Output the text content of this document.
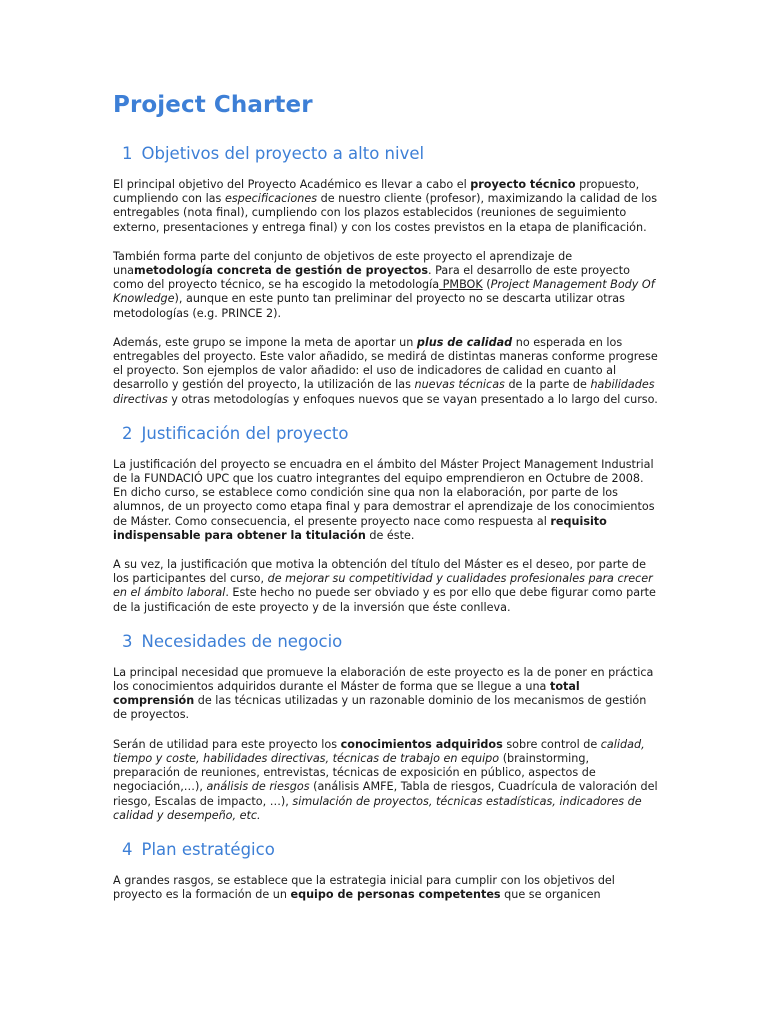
Project Charter
1 Objetivos del proyecto a alto nivel

El principal objetivo del Proyecto Académico es llevar a cabo el proyecto técnico propuesto, cumpliendo con las especificaciones de nuestro cliente (profesor), maximizando la calidad de los entregables (nota final), cumpliendo con los plazos establecidos (reuniones de seguimiento externo, presentaciones y entrega final) y con los costes previstos en la etapa de planificación.

También forma parte del conjunto de objetivos de este proyecto el aprendizaje de unametodología concreta de gestión de proyectos. Para el desarrollo de este proyecto como del proyecto técnico, se ha escogido la metodología PMBOK (Project Management Body Of Knowledge), aunque en este punto tan preliminar del proyecto no se descarta utilizar otras metodologías (e.g. PRINCE 2).

Además, este grupo se impone la meta de aportar un plus de calidad no esperada en los entregables del proyecto. Este valor añadido, se medirá de distintas maneras conforme progrese el proyecto. Son ejemplos de valor añadido: el uso de indicadores de calidad en cuanto al desarrollo y gestión del proyecto, la utilización de las nuevas técnicas de la parte de habilidades directivas y otras metodologías y enfoques nuevos que se vayan presentado a lo largo del curso.

2 Justificación del proyecto

La justificación del proyecto se encuadra en el ámbito del Máster Project Management Industrial de la FUNDACIÓ UPC que los cuatro integrantes del equipo emprendieron en Octubre de 2008. En dicho curso, se establece como condición sine qua non la elaboración, por parte de los alumnos, de un proyecto como etapa final y para demostrar el aprendizaje de los conocimientos de Máster. Como consecuencia, el presente proyecto nace como respuesta al requisito indispensable para obtener la titulación de éste.

A su vez, la justificación que motiva la obtención del título del Máster es el deseo, por parte de los participantes del curso, de mejorar su competitividad y cualidades profesionales para crecer en el ámbito laboral. Este hecho no puede ser obviado y es por ello que debe figurar como parte de la justificación de este proyecto y de la inversión que éste conlleva.

3 Necesidades de negocio

La principal necesidad que promueve la elaboración de este proyecto es la de poner en práctica los conocimientos adquiridos durante el Máster de forma que se llegue a una total comprensión de las técnicas utilizadas y un razonable dominio de los mecanismos de gestión de proyectos.

Serán de utilidad para este proyecto los conocimientos adquiridos sobre control de calidad, tiempo y coste, habilidades directivas, técnicas de trabajo en equipo (brainstorming, preparación de reuniones, entrevistas, técnicas de exposición en público, aspectos de negociación,…), análisis de riesgos (análisis AMFE, Tabla de riesgos, Cuadrícula de valoración del riesgo, Escalas de impacto, …), simulación de proyectos, técnicas estadísticas, indicadores de calidad y desempeño, etc.

4 Plan estratégico

A grandes rasgos, se establece que la estrategia inicial para cumplir con los objetivos del proyecto es la formación de un equipo de personas competentes que se organicen
